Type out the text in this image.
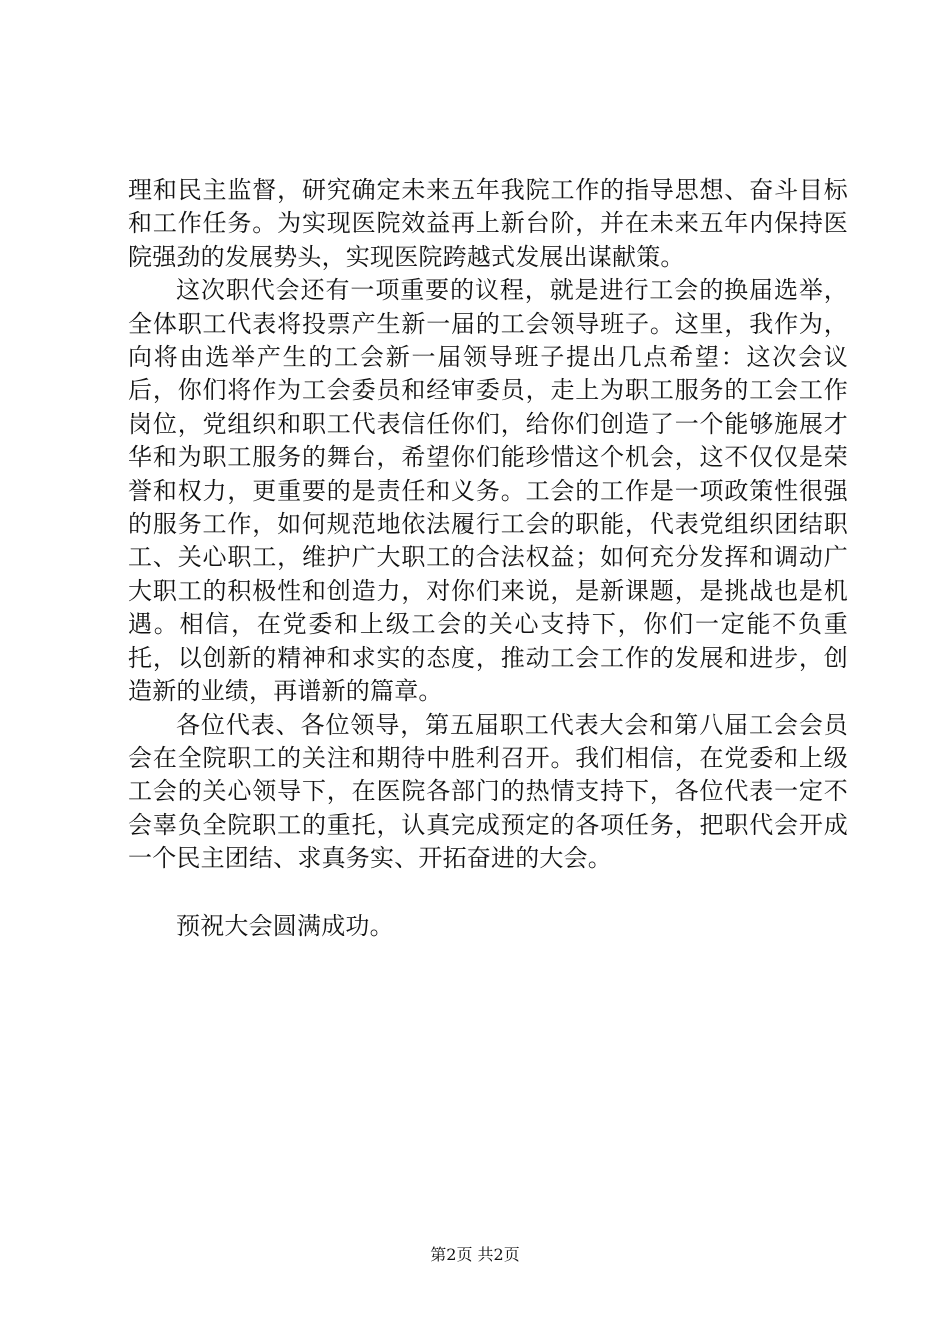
理和民主监督，研究确定未来五年我院工作的指导思想、奋斗目标和工作任务。为实现医院效益再上新台阶，并在未来五年内保持医院强劲的发展势头，实现医院跨越式发展出谋献策。

这次职代会还有一项重要的议程，就是进行工会的换届选举，全体职工代表将投票产生新一届的工会领导班子。这里，我作为，向将由选举产生的工会新一届领导班子提出几点希望：这次会议后，你们将作为工会委员和经审委员，走上为职工服务的工会工作岗位，党组织和职工代表信任你们，给你们创造了一个能够施展才华和为职工服务的舞台，希望你们能珍惜这个机会，这不仅仅是荣誉和权力，更重要的是责任和义务。工会的工作是一项政策性很强的服务工作，如何规范地依法履行工会的职能，代表党组织团结职工、关心职工，维护广大职工的合法权益；如何充分发挥和调动广大职工的积极性和创造力，对你们来说，是新课题，是挑战也是机遇。相信，在党委和上级工会的关心支持下，你们一定能不负重托，以创新的精神和求实的态度，推动工会工作的发展和进步，创造新的业绩，再谱新的篇章。

各位代表、各位领导，第五届职工代表大会和第八届工会会员会在全院职工的关注和期待中胜利召开。我们相信，在党委和上级工会的关心领导下，在医院各部门的热情支持下，各位代表一定不会辜负全院职工的重托，认真完成预定的各项任务，把职代会开成一个民主团结、求真务实、开拓奋进的大会。

预祝大会圆满成功。

第2页 共2页
